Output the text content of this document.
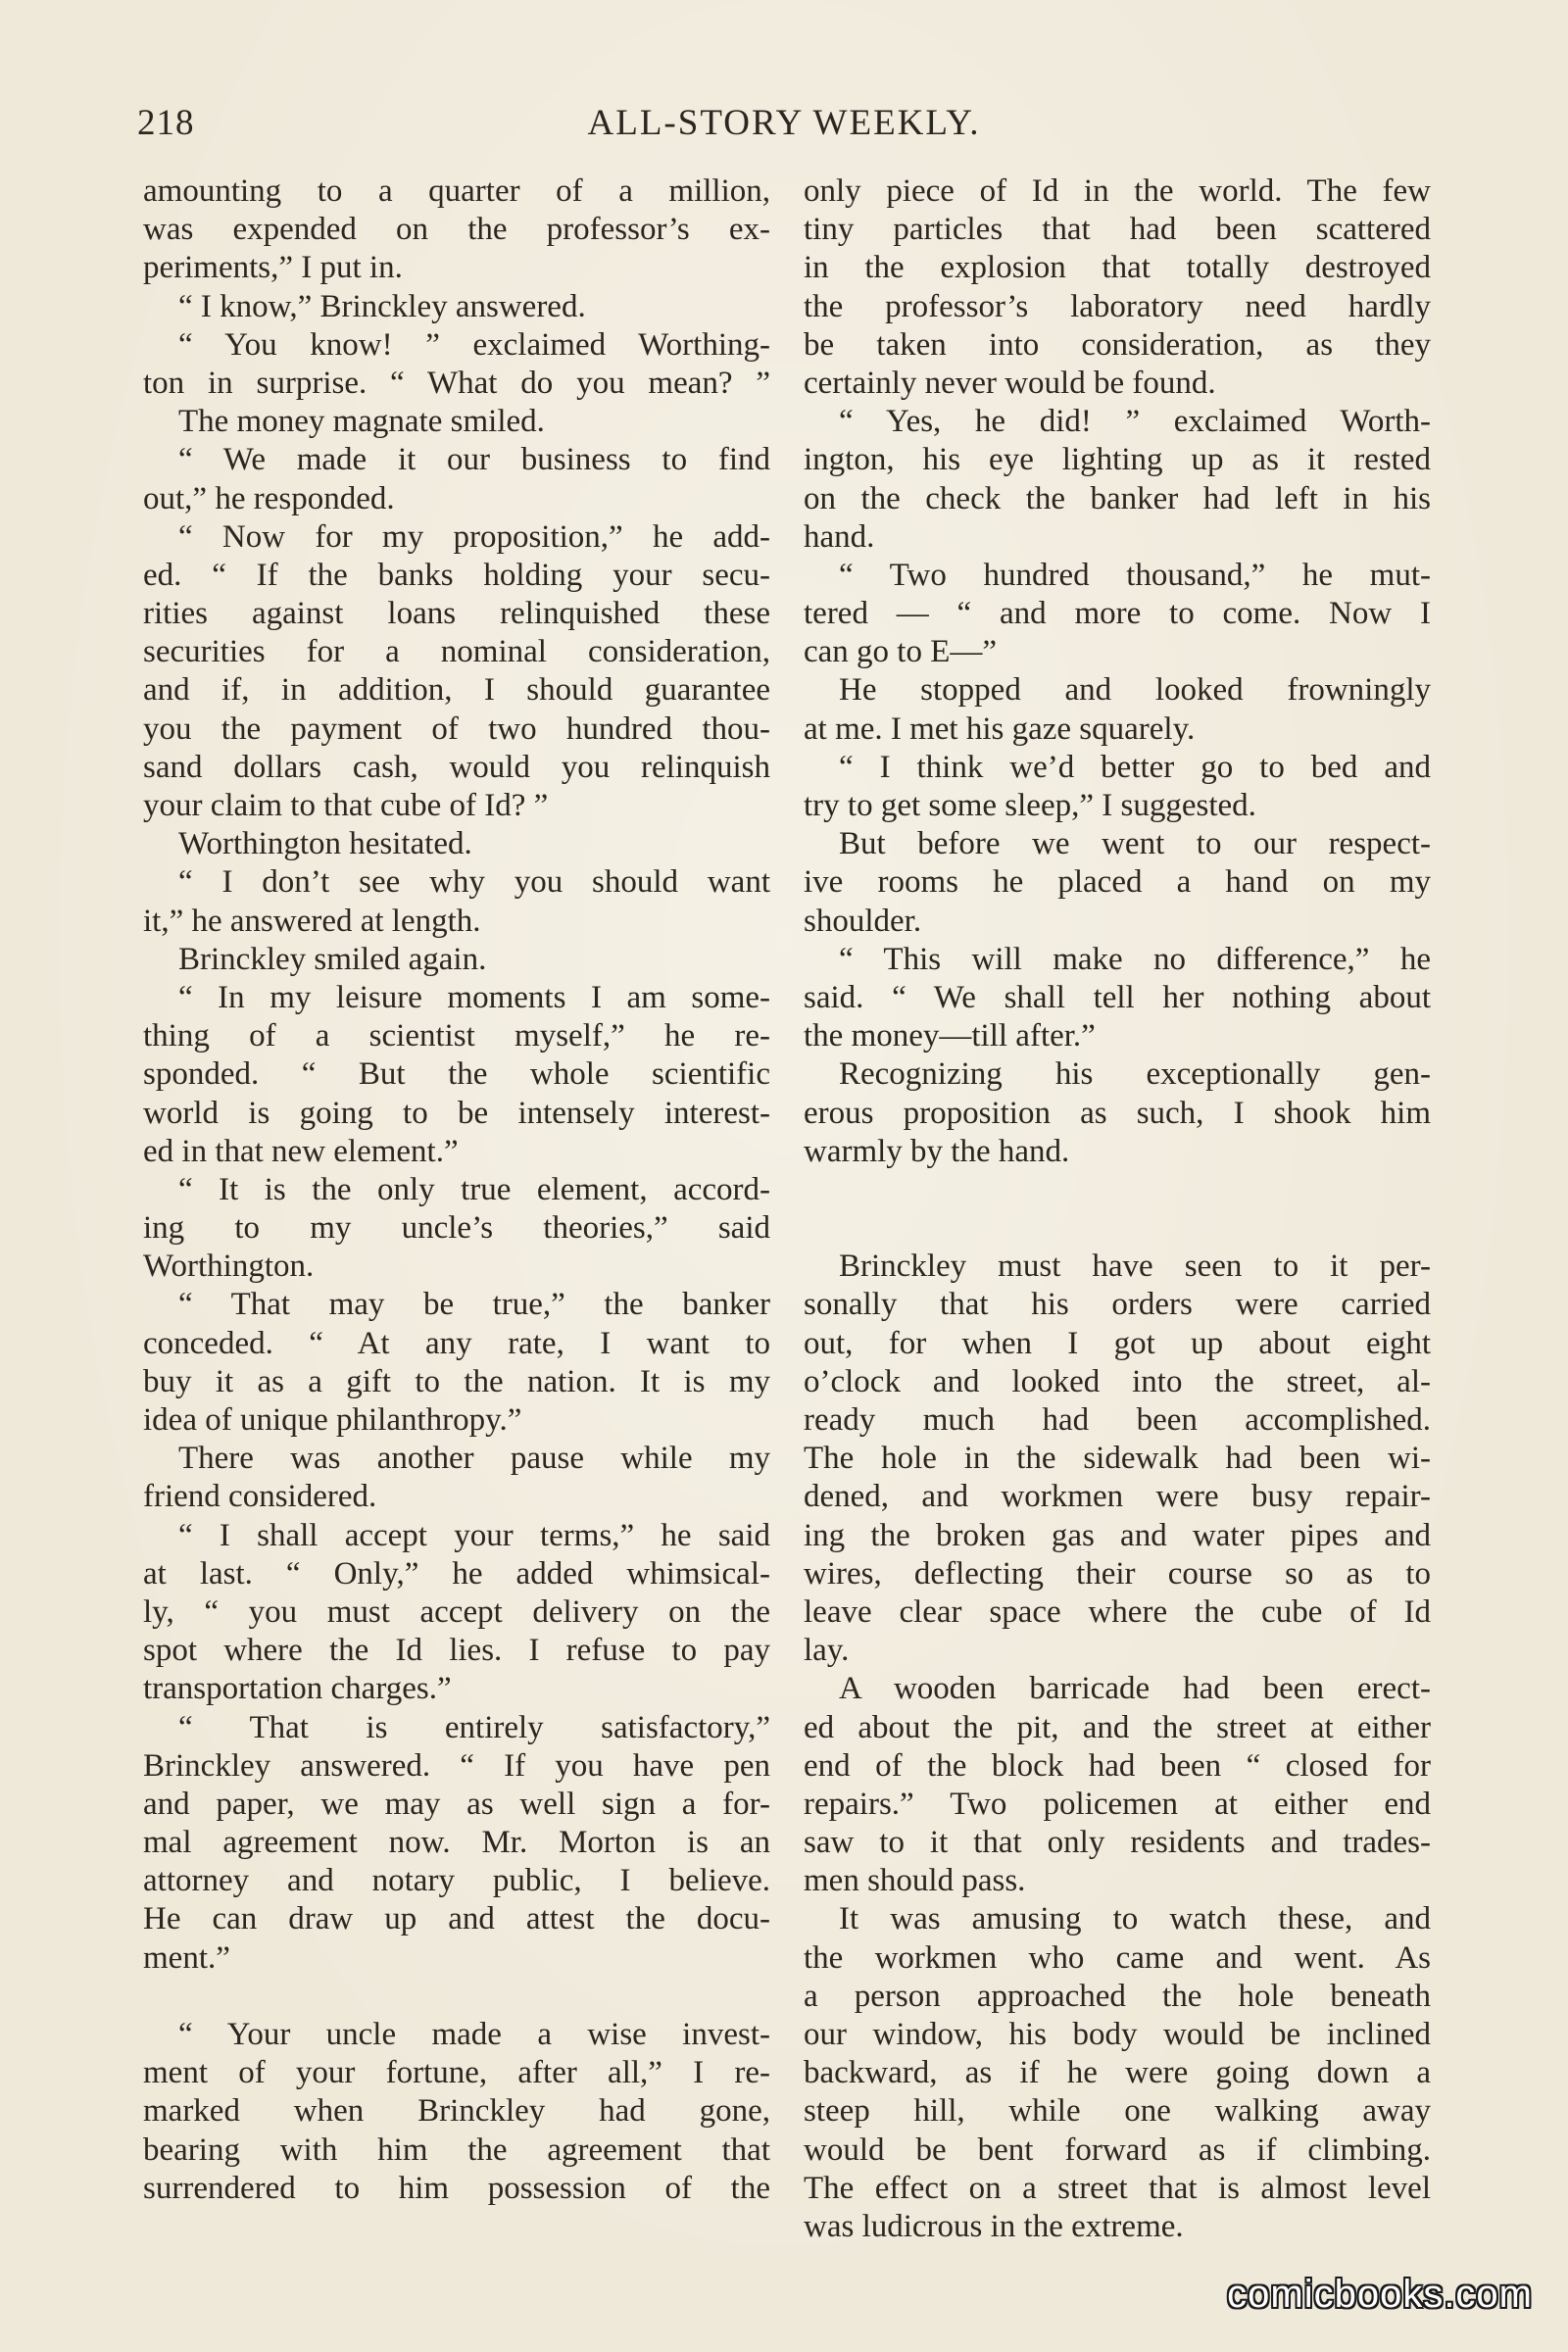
218	ALL-STORY WEEKLY.
amounting to a quarter of a million,
was expended on the professor’s ex-
periments,” I put in.
“ I know,” Brinckley answered.
“ You know! ” exclaimed Worthing-
ton in surprise. “ What do you mean? ”
The money magnate smiled.
“ We made it our business to find
out,” he responded.
“ Now for my proposition,” he add-
ed. “ If the banks holding your secu-
rities against loans relinquished these
securities for a nominal consideration,
and if, in addition, I should guarantee
you the payment of two hundred thou-
sand dollars cash, would you relinquish
your claim to that cube of Id? ”
Worthington hesitated.
“ I don’t see why you should want
it,” he answered at length.
Brinckley smiled again.
“ In my leisure moments I am some-
thing of a scientist myself,” he re-
sponded. “ But the whole scientific
world is going to be intensely interest-
ed in that new element.”
“ It is the only true element, accord-
ing to my uncle’s theories,” said
Worthington.
“ That may be true,” the banker
conceded. “ At any rate, I want to
buy it as a gift to the nation. It is my
idea of unique philanthropy.”
There was another pause while my
friend considered.
“ I shall accept your terms,” he said
at last. “ Only,” he added whimsical-
ly, “ you must accept delivery on the
spot where the Id lies. I refuse to pay
transportation charges.”
“ That is entirely satisfactory,”
Brinckley answered. “ If you have pen
and paper, we may as well sign a for-
mal agreement now. Mr. Morton is an
attorney and notary public, I believe.
He can draw up and attest the docu-
ment.”
“ Your uncle made a wise invest-
ment of your fortune, after all,” I re-
marked when Brinckley had gone,
bearing with him the agreement that
surrendered to him possession of the
only piece of Id in the world. The few
tiny particles that had been scattered
in the explosion that totally destroyed
the professor’s laboratory need hardly
be taken into consideration, as they
certainly never would be found.
“ Yes, he did! ” exclaimed Worth-
ington, his eye lighting up as it rested
on the check the banker had left in his
hand.
“ Two hundred thousand,” he mut-
tered — “ and more to come. Now I
can go to E—”
He stopped and looked frowningly
at me. I met his gaze squarely.
“ I think we’d better go to bed and
try to get some sleep,” I suggested.
But before we went to our respect-
ive rooms he placed a hand on my
shoulder.
“ This will make no difference,” he
said. “ We shall tell her nothing about
the money—till after.”
Recognizing his exceptionally gen-
erous proposition as such, I shook him
warmly by the hand.
Brinckley must have seen to it per-
sonally that his orders were carried
out, for when I got up about eight
o’clock and looked into the street, al-
ready much had been accomplished.
The hole in the sidewalk had been wi-
dened, and workmen were busy repair-
ing the broken gas and water pipes and
wires, deflecting their course so as to
leave clear space where the cube of Id
lay.
A wooden barricade had been erect-
ed about the pit, and the street at either
end of the block had been “ closed for
repairs.” Two policemen at either end
saw to it that only residents and trades-
men should pass.
It was amusing to watch these, and
the workmen who came and went. As
a person approached the hole beneath
our window, his body would be inclined
backward, as if he were going down a
steep hill, while one walking away
would be bent forward as if climbing.
The effect on a street that is almost level
was ludicrous in the extreme.
comicbooks.com
